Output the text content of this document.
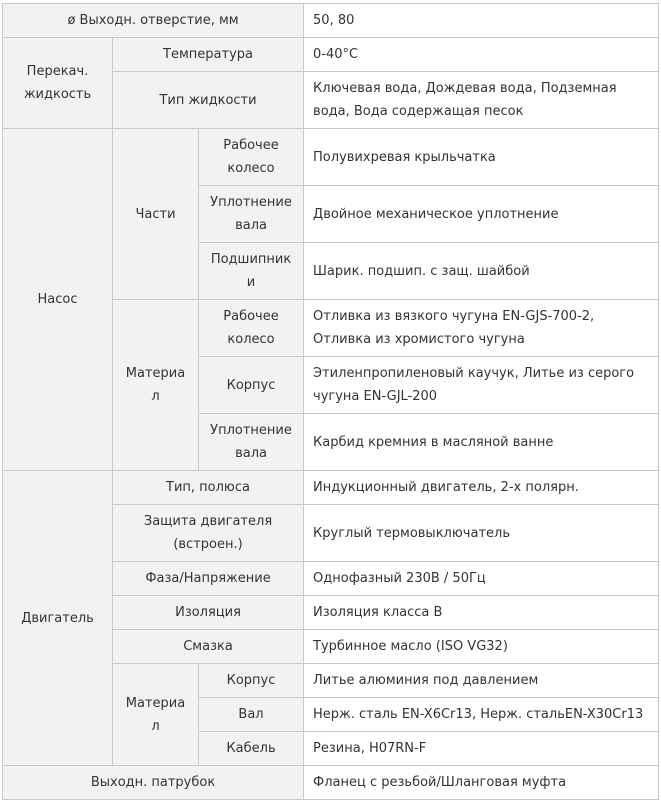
ø Выходн. отверстие, мм			50, 80
Перекач. жидкость	Температура		0-40°C
	Тип жидкости		Ключевая вода, Дождевая вода, Подземная вода, Вода содержащая песок
Насос	Части	Рабочее колесо	Полувихревая крыльчатка
		Уплотнение вала	Двойное механическое уплотнение
		Подшипники	Шарик. подшип. с защ. шайбой
	Материал	Рабочее колесо	Отливка из вязкого чугуна EN-GJS-700-2, Отливка из хромистого чугуна
		Корпус	Этиленпропиленовый каучук, Литье из серого чугуна EN-GJL-200
		Уплотнение вала	Карбид кремния в масляной ванне
Двигатель	Тип, полюса		Индукционный двигатель, 2-х полярн.
	Защита двигателя (встроен.)		Круглый термовыключатель
	Фаза/Напряжение		Однофазный 230В / 50Гц
	Изоляция		Изоляция класса B
	Смазка		Турбинное масло (ISO VG32)
	Материал	Корпус	Литье алюминия под давлением
		Вал	Нерж. сталь EN-X6Cr13, Нерж. стальEN-X30Cr13
		Кабель	Резина, H07RN-F
Выходн. патрубок			Фланец с резьбой/Шланговая муфта
